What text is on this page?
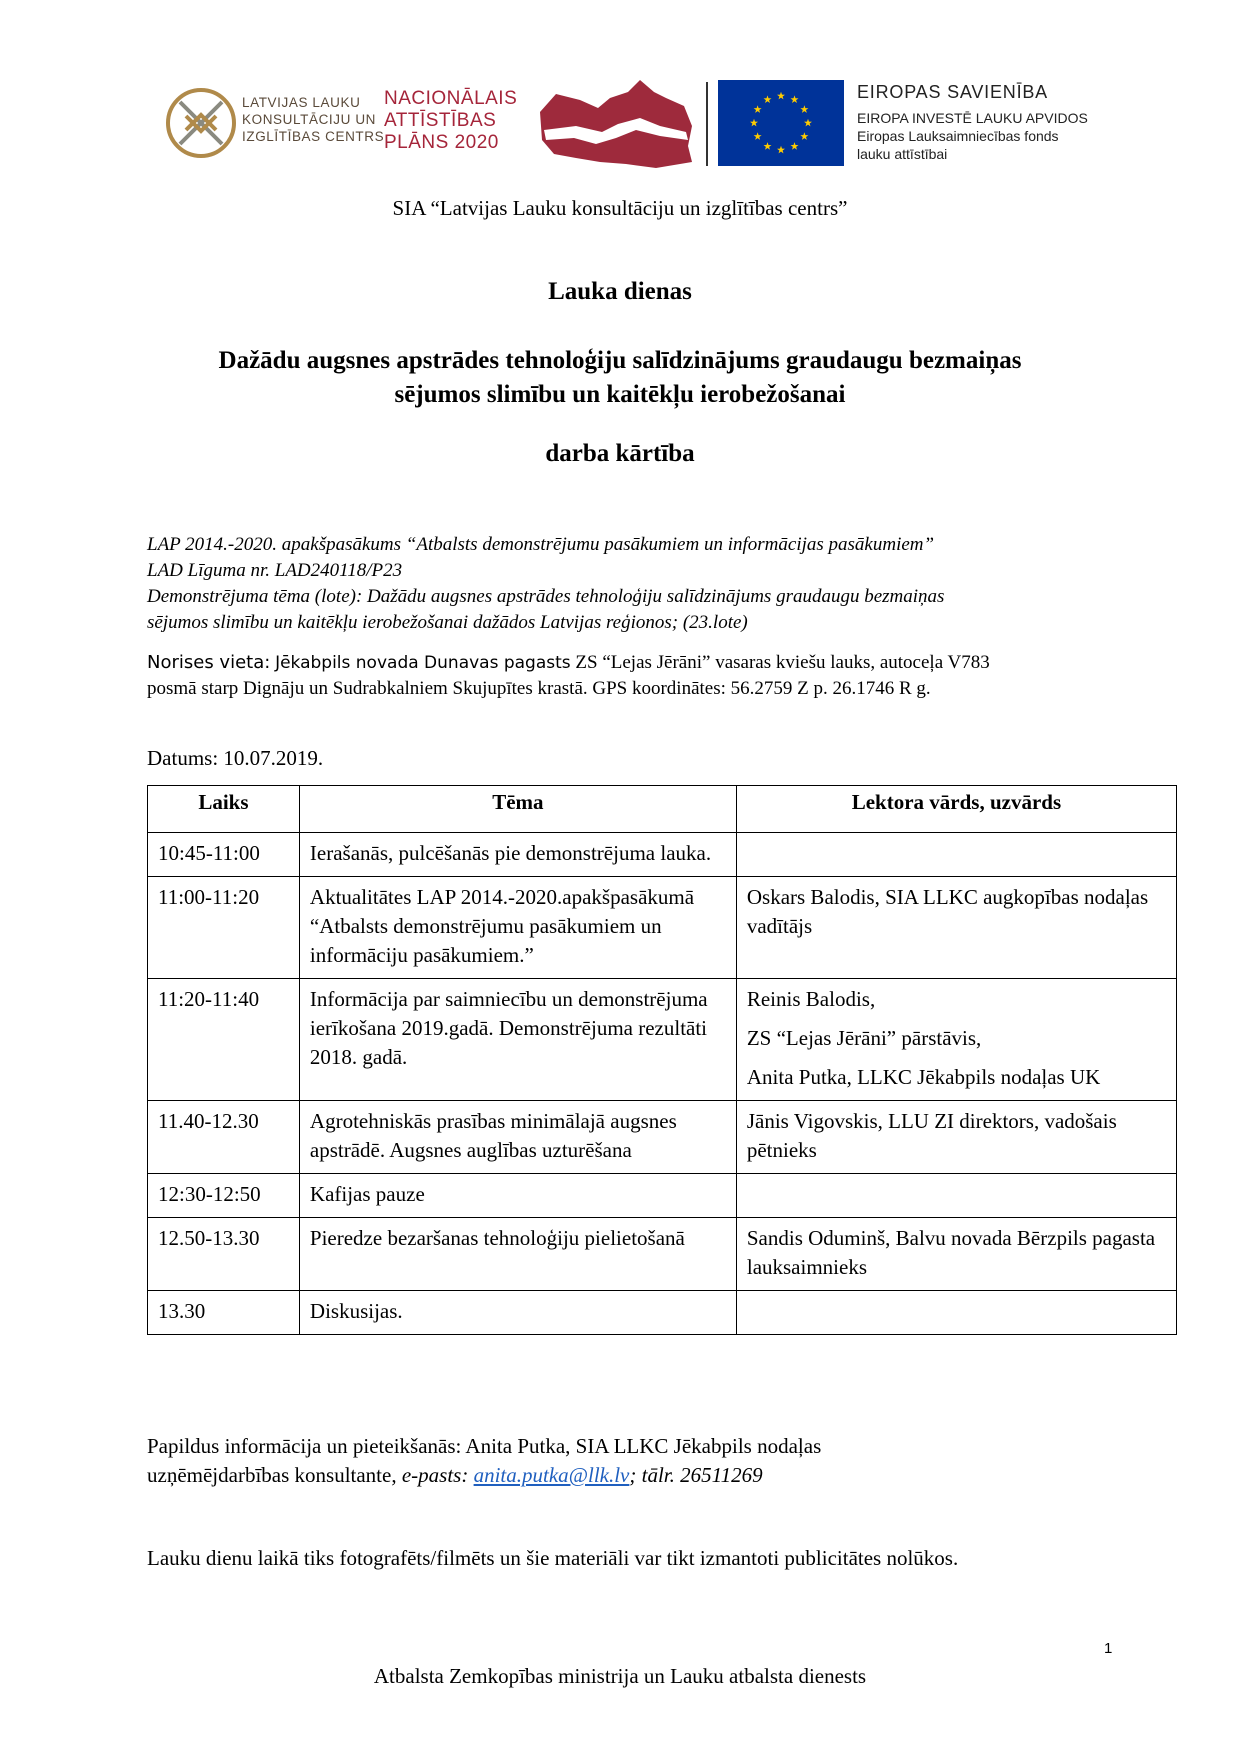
LATVIJAS LAUKU
KONSULTĀCIJU UN
IZGLĪTĪBAS CENTRS
NACIONĀLAIS
ATTĪSTĪBAS
PLĀNS 2020
EIROPAS SAVIENĪBA
EIROPA INVESTĒ LAUKU APVIDOS
Eiropas Lauksaimniecības fonds
lauku attīstībai
SIA “Latvijas Lauku konsultāciju un izglītības centrs”
Lauka dienas
Dažādu augsnes apstrādes tehnoloģiju salīdzinājums graudaugu bezmaiņas
sējumos slimību un kaitēkļu ierobežošanai
darba kārtība
LAP 2014.-2020. apakšpasākums “Atbalsts demonstrējumu pasākumiem un informācijas pasākumiem”
LAD Līguma nr. LAD240118/P23
Demonstrējuma tēma (lote): Dažādu augsnes apstrādes tehnoloģiju salīdzinājums graudaugu bezmaiņas
sējumos slimību un kaitēkļu ierobežošanai dažādos Latvijas reģionos; (23.lote)
Norises vieta: Jēkabpils novada Dunavas pagasts ZS “Lejas Jērāni” vasaras kviešu lauks, autoceļa V783
posmā starp Dignāju un Sudrabkalniem Skujupītes krastā. GPS koordinātes: 56.2759 Z p. 26.1746 R g.
Datums: 10.07.2019.
Laiks	Tēma	Lektora vārds, uzvārds
10:45-11:00	Ierašanās, pulcēšanās pie demonstrējuma lauka.	
11:00-11:20	Aktualitātes LAP 2014.-2020.apakšpasākumā “Atbalsts demonstrējumu pasākumiem un informāciju pasākumiem.”	Oskars Balodis, SIA LLKC augkopības nodaļas vadītājs

11:20-11:40	Informācija par saimniecību un demonstrējuma ierīkošana 2019.gadā. Demonstrējuma rezultāti 2018. gadā.	Reinis Balodis,

ZS “Lejas Jērāni” pārstāvis,

Anita Putka, LLKC Jēkabpils nodaļas UK

11.40-12.30	Agrotehniskās prasības minimālajā augsnes apstrādē. Augsnes auglības uzturēšana	Jānis Vigovskis, LLU ZI direktors, vadošais pētnieks

12:30-12:50	Kafijas pauze	
12.50-13.30	Pieredze bezaršanas tehnoloģiju pielietošanā	Sandis Oduminš, Balvu novada Bērzpils pagasta lauksaimnieks

13.30	Diskusijas.	
Papildus informācija un pieteikšanās: Anita Putka, SIA LLKC Jēkabpils nodaļas
uzņēmējdarbības konsultante, e-pasts: anita.putka@llk.lv; tālr. 26511269
Lauku dienu laikā tiks fotografēts/filmēts un šie materiāli var tikt izmantoti publicitātes nolūkos.
1
Atbalsta Zemkopības ministrija un Lauku atbalsta dienests
